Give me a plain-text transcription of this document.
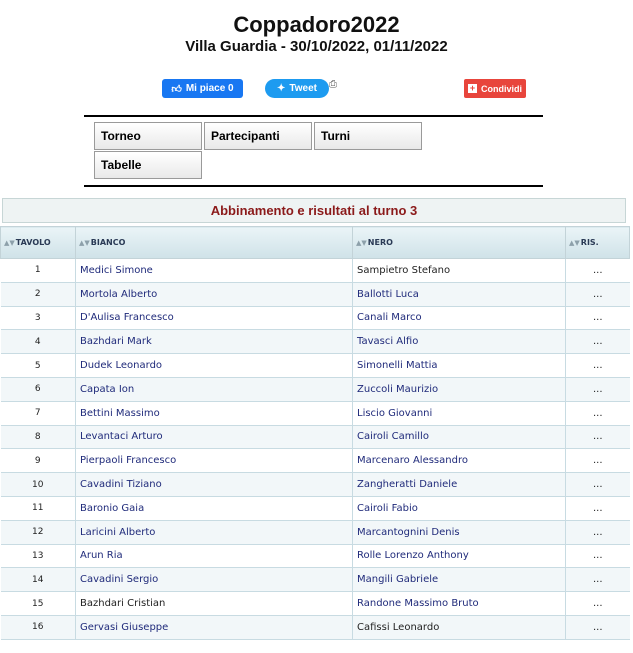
Coppadoro2022
Villa Guardia - 30/10/2022, 01/11/2022
👍︎ Mi piace 0	✦ Tweet ⎙	+ Condividi
Torneo	Partecipanti	Turni
Tabelle
Abbinamento e risultati al turno 3
▲▼TAVOLO	▲▼BIANCO	▲▼NERO	▲▼RIS.
1	Medici Simone	Sampietro Stefano	...
2	Mortola Alberto	Ballotti Luca	...
3	D'Aulisa Francesco	Canali Marco	...
4	Bazhdari Mark	Tavasci Alfio	...
5	Dudek Leonardo	Simonelli Mattia	...
6	Capata Ion	Zuccoli Maurizio	...
7	Bettini Massimo	Liscio Giovanni	...
8	Levantaci Arturo	Cairoli Camillo	...
9	Pierpaoli Francesco	Marcenaro Alessandro	...
10	Cavadini Tiziano	Zangheratti Daniele	...
11	Baronio Gaia	Cairoli Fabio	...
12	Laricini Alberto	Marcantognini Denis	...
13	Arun Ria	Rolle Lorenzo Anthony	...
14	Cavadini Sergio	Mangili Gabriele	...
15	Bazhdari Cristian	Randone Massimo Bruto	...
16	Gervasi Giuseppe	Cafissi Leonardo	...
